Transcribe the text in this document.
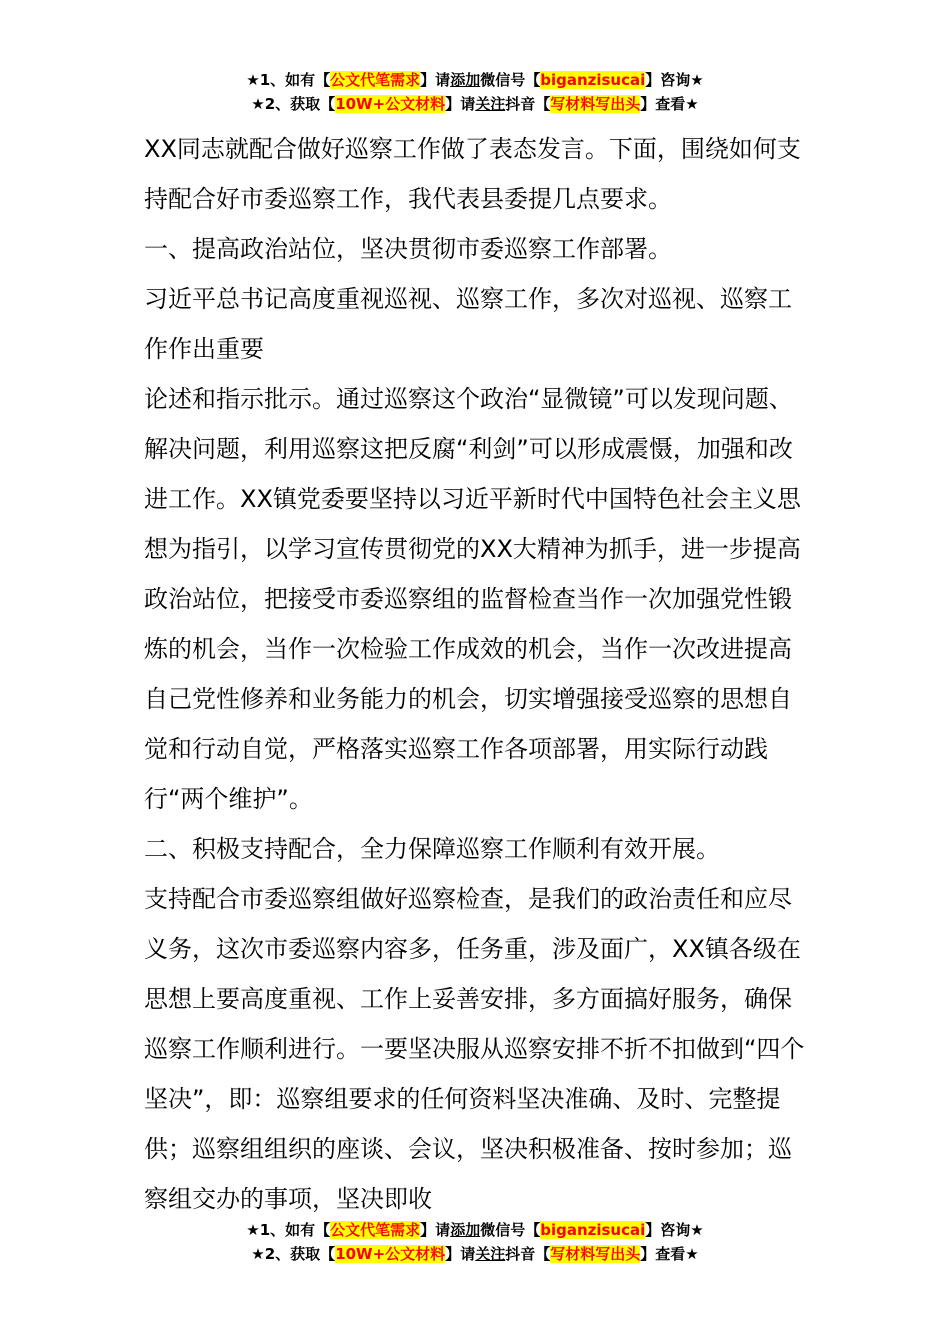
★1、如有【公文代笔需求】请添加微信号【biganzisucai】咨询★
★2、获取【10W+公文材料】请关注抖音【写材料写出头】查看★

XX同志就配合做好巡察工作做了表态发言。下面，围绕如何支持配合好市委巡察工作，我代表县委提几点要求。

一、提高政治站位，坚决贯彻市委巡察工作部署。

习近平总书记高度重视巡视、巡察工作，多次对巡视、巡察工作作出重要

论述和指示批示。通过巡察这个政治“显微镜”可以发现问题、解决问题，利用巡察这把反腐“利剑”可以形成震慑，加强和改进工作。XX镇党委要坚持以习近平新时代中国特色社会主义思想为指引，以学习宣传贯彻党的XX大精神为抓手，进一步提高政治站位，把接受市委巡察组的监督检查当作一次加强党性锻炼的机会，当作一次检验工作成效的机会，当作一次改进提高自己党性修养和业务能力的机会，切实增强接受巡察的思想自觉和行动自觉，严格落实巡察工作各项部署，用实际行动践行“两个维护”。

二、积极支持配合，全力保障巡察工作顺利有效开展。

支持配合市委巡察组做好巡察检查，是我们的政治责任和应尽义务，这次市委巡察内容多，任务重，涉及面广，XX镇各级在思想上要高度重视、工作上妥善安排，多方面搞好服务，确保巡察工作顺利进行。一要坚决服从巡察安排不折不扣做到“四个坚决”，即：巡察组要求的任何资料坚决准确、及时、完整提供；巡察组组织的座谈、会议，坚决积极准备、按时参加；巡察组交办的事项，坚决即收

★1、如有【公文代笔需求】请添加微信号【biganzisucai】咨询★
★2、获取【10W+公文材料】请关注抖音【写材料写出头】查看★
